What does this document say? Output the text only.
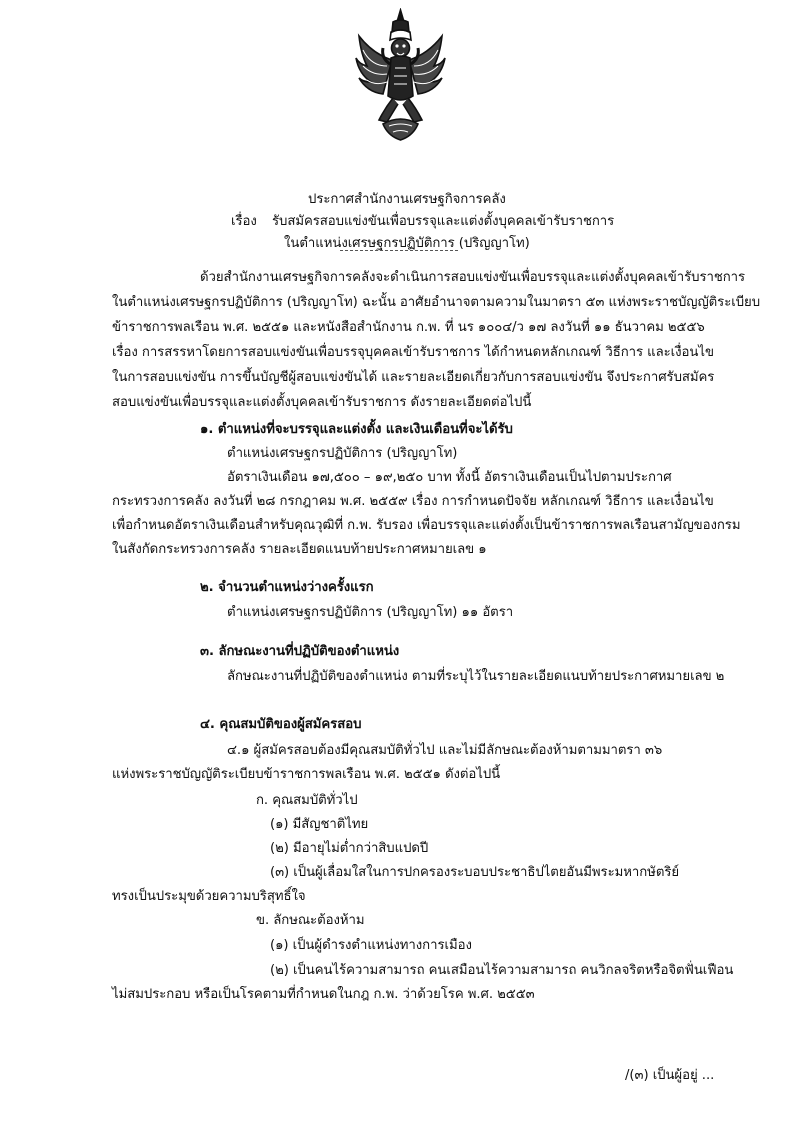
ประกาศสำนักงานเศรษฐกิจการคลัง
เรื่อง รับสมัครสอบแข่งขันเพื่อบรรจุและแต่งตั้งบุคคลเข้ารับราชการ
ในตำแหน่งเศรษฐกรปฏิบัติการ (ปริญญาโท)
ด้วยสำนักงานเศรษฐกิจการคลังจะดำเนินการสอบแข่งขันเพื่อบรรจุและแต่งตั้งบุคคลเข้ารับราชการ
ในตำแหน่งเศรษฐกรปฏิบัติการ (ปริญญาโท) ฉะนั้น อาศัยอำนาจตามความในมาตรา ๕๓ แห่งพระราชบัญญัติระเบียบ
ข้าราชการพลเรือน พ.ศ. ๒๕๕๑ และหนังสือสำนักงาน ก.พ. ที่ นร ๑๐๐๔/ว ๑๗ ลงวันที่ ๑๑ ธันวาคม ๒๕๕๖
เรื่อง การสรรหาโดยการสอบแข่งขันเพื่อบรรจุบุคคลเข้ารับราชการ ได้กำหนดหลักเกณฑ์ วิธีการ และเงื่อนไข
ในการสอบแข่งขัน การขึ้นบัญชีผู้สอบแข่งขันได้ และรายละเอียดเกี่ยวกับการสอบแข่งขัน จึงประกาศรับสมัคร
สอบแข่งขันเพื่อบรรจุและแต่งตั้งบุคคลเข้ารับราชการ ดังรายละเอียดต่อไปนี้
๑. ตำแหน่งที่จะบรรจุและแต่งตั้ง และเงินเดือนที่จะได้รับ
ตำแหน่งเศรษฐกรปฏิบัติการ (ปริญญาโท)
อัตราเงินเดือน ๑๗,๕๐๐ – ๑๙,๒๕๐ บาท ทั้งนี้ อัตราเงินเดือนเป็นไปตามประกาศ
กระทรวงการคลัง ลงวันที่ ๒๘ กรกฎาคม พ.ศ. ๒๕๕๙ เรื่อง การกำหนดปัจจัย หลักเกณฑ์ วิธีการ และเงื่อนไข
เพื่อกำหนดอัตราเงินเดือนสำหรับคุณวุฒิที่ ก.พ. รับรอง เพื่อบรรจุและแต่งตั้งเป็นข้าราชการพลเรือนสามัญของกรม
ในสังกัดกระทรวงการคลัง รายละเอียดแนบท้ายประกาศหมายเลข ๑
๒. จำนวนตำแหน่งว่างครั้งแรก
ตำแหน่งเศรษฐกรปฏิบัติการ (ปริญญาโท) ๑๑ อัตรา
๓. ลักษณะงานที่ปฏิบัติของตำแหน่ง
ลักษณะงานที่ปฏิบัติของตำแหน่ง ตามที่ระบุไว้ในรายละเอียดแนบท้ายประกาศหมายเลข ๒
๔. คุณสมบัติของผู้สมัครสอบ
๔.๑ ผู้สมัครสอบต้องมีคุณสมบัติทั่วไป และไม่มีลักษณะต้องห้ามตามมาตรา ๓๖
แห่งพระราชบัญญัติระเบียบข้าราชการพลเรือน พ.ศ. ๒๕๕๑ ดังต่อไปนี้
ก. คุณสมบัติทั่วไป
(๑) มีสัญชาติไทย
(๒) มีอายุไม่ต่ำกว่าสิบแปดปี
(๓) เป็นผู้เลื่อมใสในการปกครองระบอบประชาธิปไตยอันมีพระมหากษัตริย์
ทรงเป็นประมุขด้วยความบริสุทธิ์ใจ
ข. ลักษณะต้องห้าม
(๑) เป็นผู้ดำรงตำแหน่งทางการเมือง
(๒) เป็นคนไร้ความสามารถ คนเสมือนไร้ความสามารถ คนวิกลจริตหรือจิตฟั่นเฟือน
ไม่สมประกอบ หรือเป็นโรคตามที่กำหนดในกฎ ก.พ. ว่าด้วยโรค พ.ศ. ๒๕๕๓
/(๓) เป็นผู้อยู่ ...
